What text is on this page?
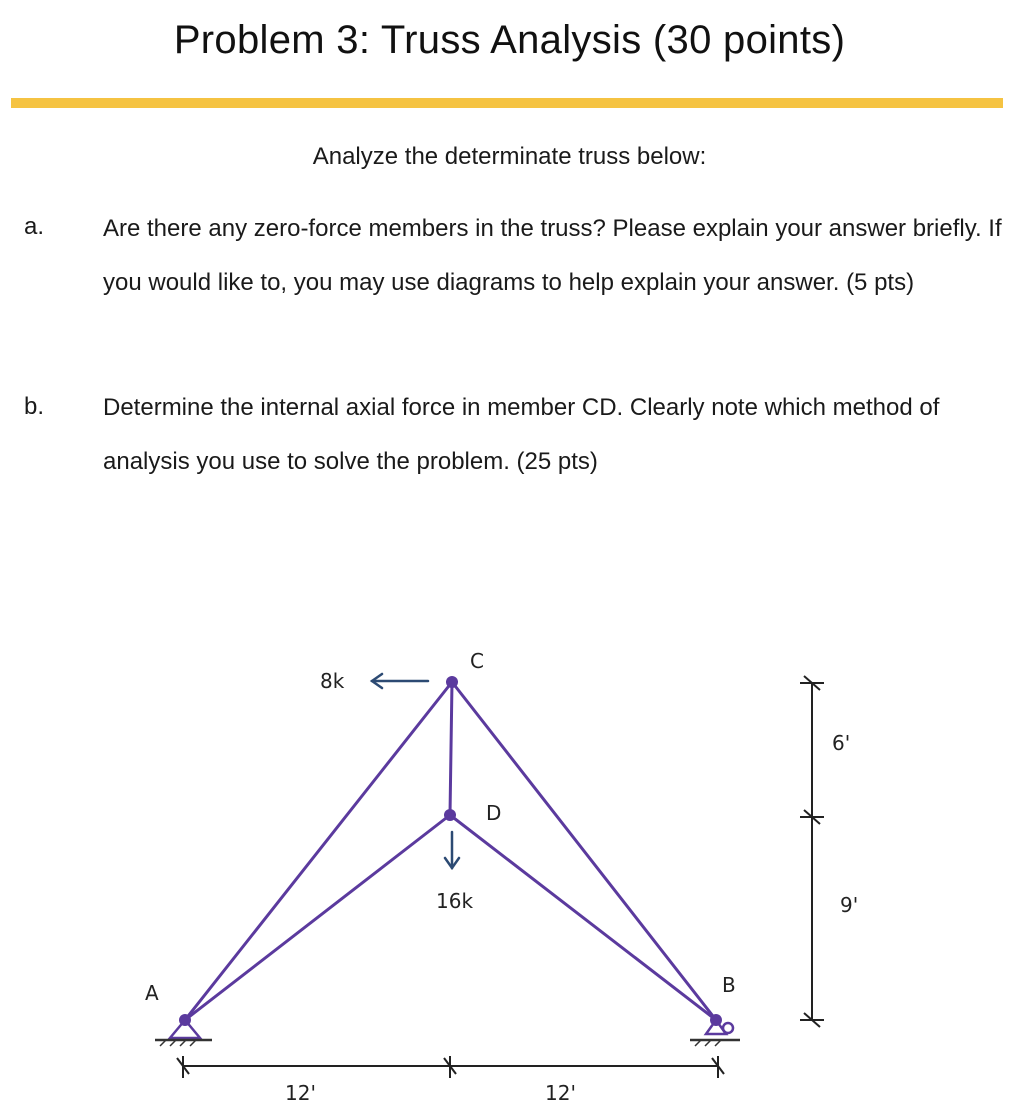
Problem 3: Truss Analysis (30 points)
Analyze the determinate truss below:
a. Are there any zero-force members in the truss? Please explain your answer briefly. If you would like to, you may use diagrams to help explain your answer. (5 pts)
b. Determine the internal axial force in member CD. Clearly note which method of analysis you use to solve the problem. (25 pts)
C
D
A	B
8k
16k
12'	12'
6'
9'
